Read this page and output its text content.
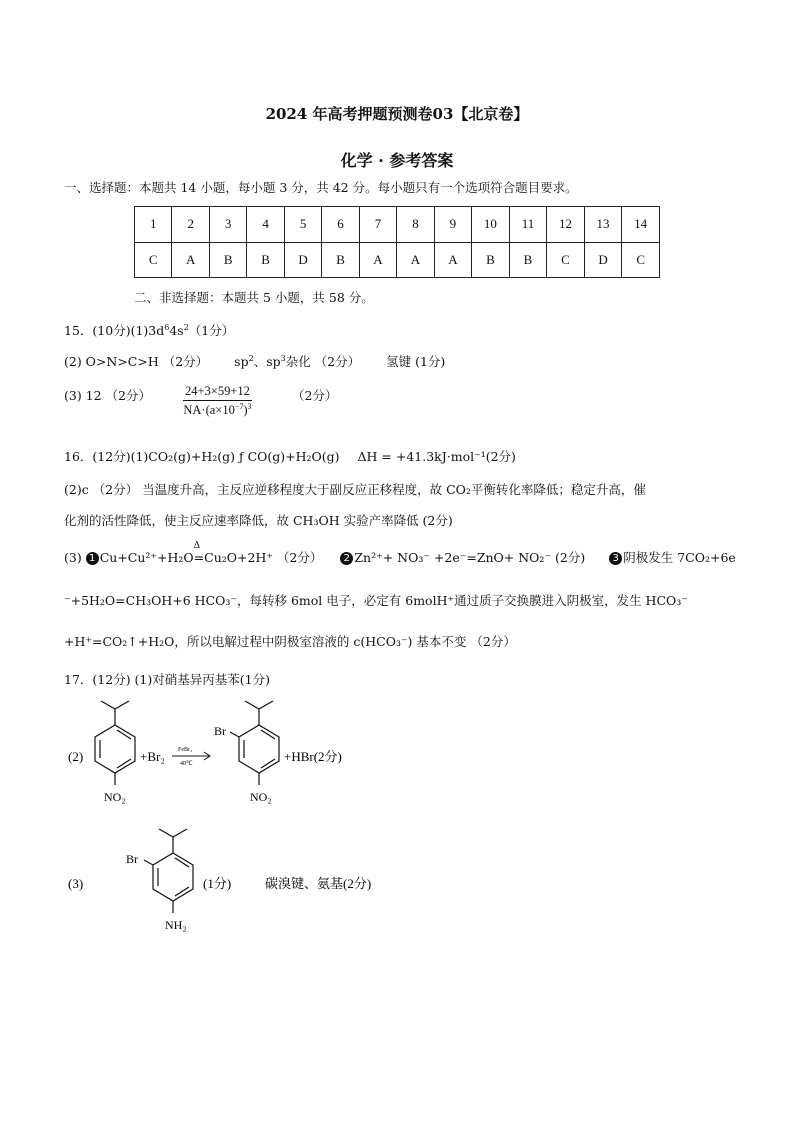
2024 年高考押题预测卷03【北京卷】
化学 · 参考答案
一、选择题：本题共 14 小题，每小题 3 分，共 42 分。每小题只有一个选项符合题目要求。
1	2	3	4	5	6	7	8	9	10	11	12	13	14
C	A	B	B	D	B	A	A	A	B	B	C	D	C
二、非选择题：本题共 5 小题，共 58 分。
15．(10分)$(1)3d^64s^2(1$分）
(2) O>N>C>H （2分） $sp^2$、$sp^3$杂化 （2分） 氢键 (1分)
(3) 12 （2分）	$\frac{24+3\times 59+12}{NA\cdot(a\times 10^{-7})^3}$	（2分）
16．(12分)(1)CO₂(g)+H₂(g) ƒ CO(g)+H₂O(g) ΔH = +41.3kJ·mol⁻¹(2分)
(2)c （2分） 当温度升高，主反应逆移程度大于副反应正移程度，故 CO₂平衡转化率降低；稳定升高，催
化剂的活性降低，使主反应速率降低，故 CH₃OH 实验产率降低 (2分)
(3) 1 Cu+Cu²⁺+H₂O
Δ
=Cu₂O+2H⁺ （2分） 2 Zn²⁺+ NO₃⁻ +2e⁻=ZnO+ NO₂⁻ (2分)	3 阴极发生 7CO₂+6e
⁻+5H₂O=CH₃OH+6 HCO₃⁻，每转移 6mol 电子，必定有 6molH⁺通过质子交换膜进入阴极室，发生 HCO₃⁻
+H⁺=CO₂↑+H₂O，所以电解过程中阴极室溶液的 c(HCO₃⁻) 基本不变 （2分）
17．(12分) (1)对硝基异丙基苯(1分)
(2)
NO₂
+Br₂ FeBr₃
40℃
Br
NO₂
+HBr(2分)
(3)
Br
NH₂
(1分)	碳溴键、氨基(2分)
